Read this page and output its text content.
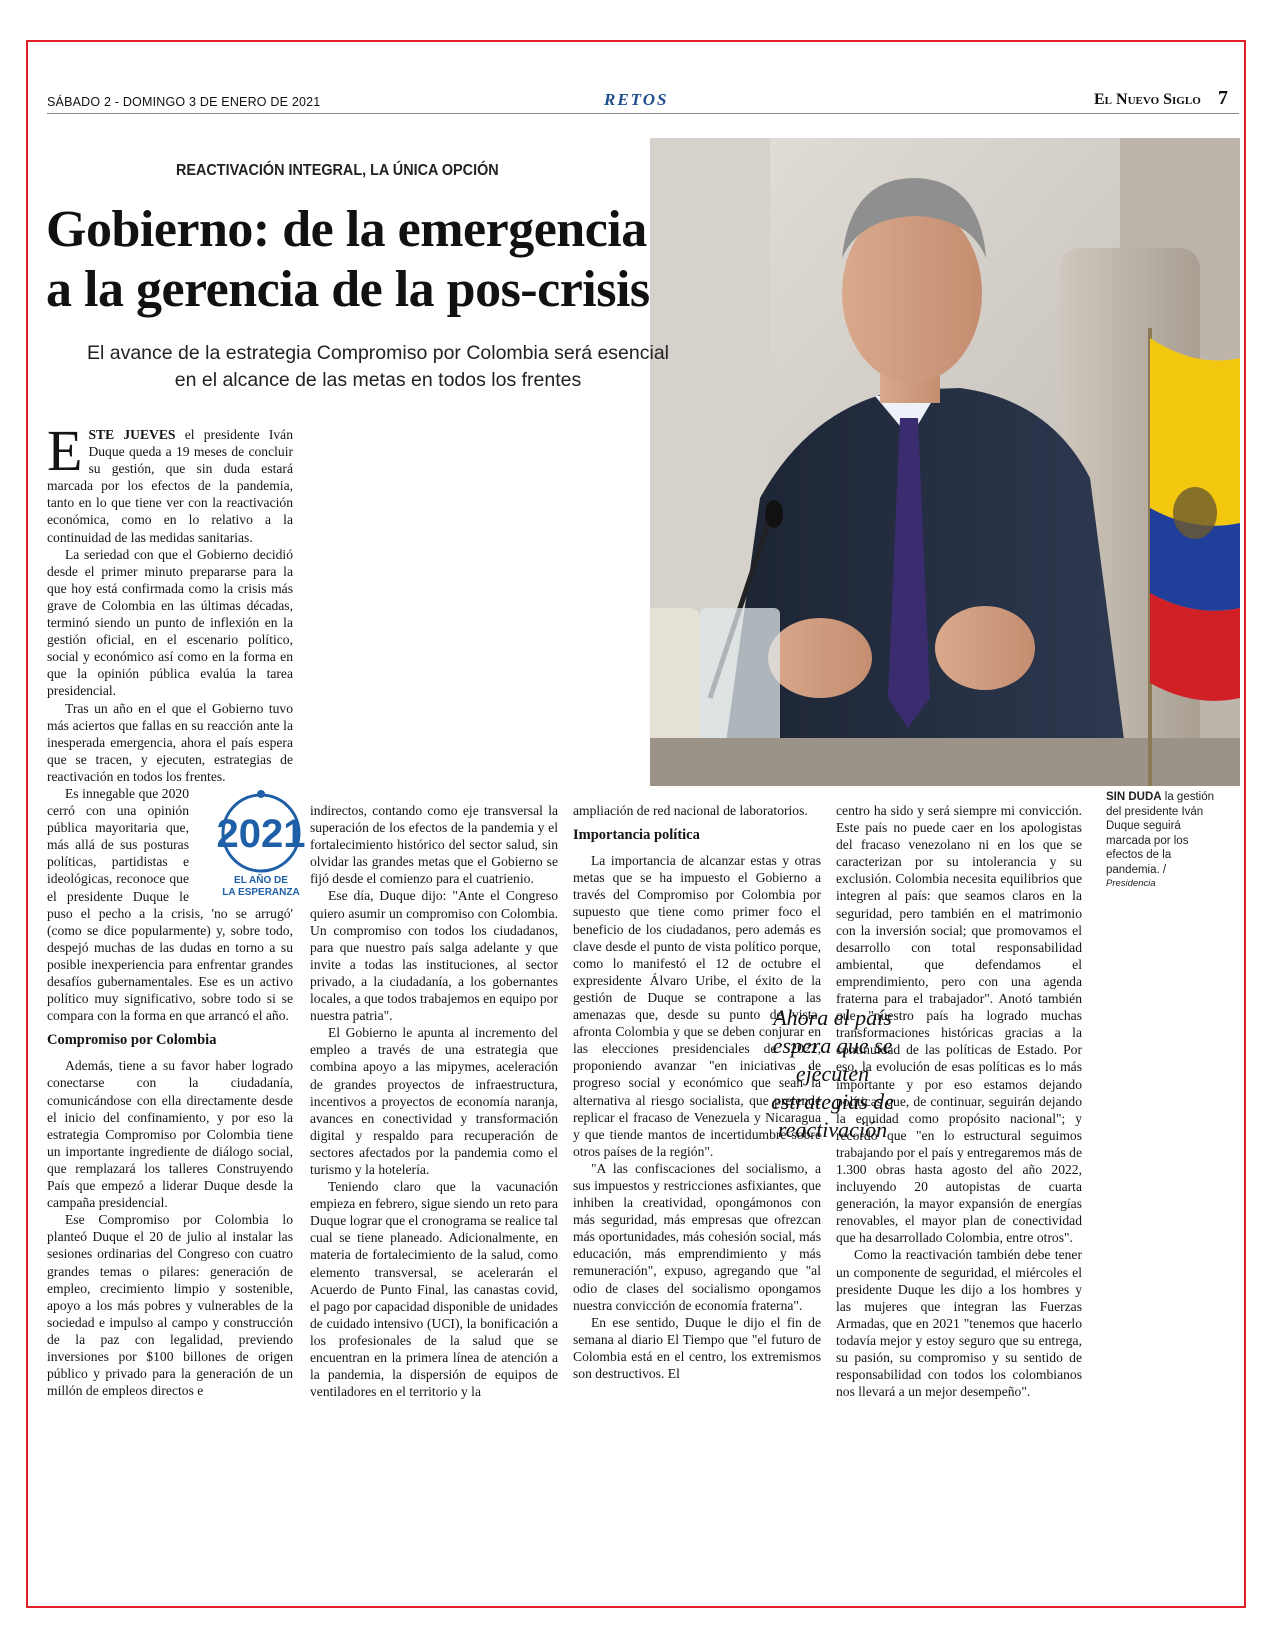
SÁBADO 2 - DOMINGO 3 DE ENERO DE 2021	RETOS	El Nuevo Siglo 7
REACTIVACIÓN INTEGRAL, LA ÚNICA OPCIÓN
Gobierno: de la emergencia
a la gerencia de la pos-crisis
El avance de la estrategia Compromiso por Colombia será esencial
en el alcance de las metas en todos los frentes

ESTE JUEVES el presidente Iván Duque queda a 19 meses de concluir su gestión, que sin duda estará marcada por los efectos de la pandemia, tanto en lo que tiene ver con la reactivación económica, como en lo relativo a la continuidad de las medidas sanitarias.

La seriedad con que el Gobierno decidió desde el primer minuto prepararse para la que hoy está confirmada como la crisis más grave de Colombia en las últimas décadas, terminó siendo un punto de inflexión en la gestión oficial, en el escenario político, social y económico así como en la forma en que la opinión pública evalúa la tarea presidencial.

Tras un año en el que el Gobierno tuvo más aciertos que fallas en su reacción ante la inesperada emergencia, ahora el país espera que se tracen, y ejecuten, estrategias de reactivación en todos los frentes.

2021
EL AÑO DE
LA ESPERANZA
Es innegable que 2020 cerró con una opinión pública mayoritaria que, más allá de sus posturas políticas, partidistas e ideológicas, reconoce que el presidente Duque le puso el pecho a la crisis, 'no se arrugó' (como se dice popularmente) y, sobre todo, despejó muchas de las dudas en torno a su posible inexperiencia para enfrentar grandes desafíos gubernamentales. Ese es un activo político muy significativo, sobre todo si se compara con la forma en que arrancó el año.

Compromiso por Colombia

Además, tiene a su favor haber logrado conectarse con la ciudadanía, comunicándose con ella directamente desde el inicio del confinamiento, y por eso la estrategia Compromiso por Colombia tiene un importante ingrediente de diálogo social, que remplazará los talleres Construyendo País que empezó a liderar Duque desde la campaña presidencial.

Ese Compromiso por Colombia lo planteó Duque el 20 de julio al instalar las sesiones ordinarias del Congreso con cuatro grandes temas o pilares: generación de empleo, crecimiento limpio y sostenible, apoyo a los más pobres y vulnerables de la sociedad e impulso al campo y construcción de la paz con legalidad, previendo inversiones por $100 billones de origen público y privado para la generación de un millón de empleos directos e

indirectos, contando como eje transversal la superación de los efectos de la pandemia y el fortalecimiento histórico del sector salud, sin olvidar las grandes metas que el Gobierno se fijó desde el comienzo para el cuatrienio.

Ese día, Duque dijo: "Ante el Congreso quiero asumir un compromiso con Colombia. Un compromiso con todos los ciudadanos, para que nuestro país salga adelante y que invite a todas las instituciones, al sector privado, a la ciudadanía, a los gobernantes locales, a que todos trabajemos en equipo por nuestra patria".

El Gobierno le apunta al incremento del empleo a través de una estrategia que combina apoyo a las mipymes, aceleración de grandes proyectos de infraestructura, incentivos a proyectos de economía naranja, avances en conectividad y transformación digital y respaldo para recuperación de sectores afectados por la pandemia como el turismo y la hotelería.

Teniendo claro que la vacunación empieza en febrero, sigue siendo un reto para Duque lograr que el cronograma se realice tal cual se tiene planeado. Adicionalmente, en materia de fortalecimiento de la salud, como elemento transversal, se acelerarán el Acuerdo de Punto Final, las canastas covid, el pago por capacidad disponible de unidades de cuidado intensivo (UCI), la bonificación a los profesionales de la salud que se encuentran en la primera línea de atención a la pandemia, la dispersión de equipos de ventiladores en el territorio y la

ampliación de red nacional de laboratorios.

Importancia política

La importancia de alcanzar estas y otras metas que se ha impuesto el Gobierno a través del Compromiso por Colombia por supuesto que tiene como primer foco el beneficio de los ciudadanos, pero además es clave desde el punto de vista político porque, como lo manifestó el 12 de octubre el expresidente Álvaro Uribe, el éxito de la gestión de Duque se contrapone a las amenazas que, desde su punto de vista, afronta Colombia y que se deben conjurar en las elecciones presidenciales de 2022, proponiendo avanzar "en iniciativas de progreso social y económico que sean la alternativa al riesgo socialista, que pretende replicar el fracaso de Venezuela y Nicaragua y que tiende mantos de incertidumbre sobre otros países de la región".

"A las confiscaciones del socialismo, a sus impuestos y restricciones asfixiantes, que inhiben la creatividad, opongámonos con más seguridad, más empresas que ofrezcan más oportunidades, más cohesión social, más educación, más emprendimiento y más remuneración", expuso, agregando que "al odio de clases del socialismo opongamos nuestra convicción de economía fraterna".

En ese sentido, Duque le dijo el fin de semana al diario El Tiempo que "el futuro de Colombia está en el centro, los extremismos son destructivos. El

centro ha sido y será siempre mi convicción. Este país no puede caer en los apologistas del fracaso venezolano ni en los que se caracterizan por su intolerancia y su exclusión. Colombia necesita equilibrios que integren al país: que seamos claros en la seguridad, pero también en el matrimonio con la inversión social; que promovamos el desarrollo con total responsabilidad ambiental, que defendamos el emprendimiento, pero con una agenda fraterna para el trabajador". Anotó también que "nuestro país ha logrado muchas transformaciones históricas gracias a la continuidad de las políticas de Estado. Por eso, la evolución de esas políticas es lo más importante y por eso estamos dejando políticas que, de continuar, seguirán dejando la equidad como propósito nacional"; y recordó que "en lo estructural seguimos trabajando por el país y entregaremos más de 1.300 obras hasta agosto del año 2022, incluyendo 20 autopistas de cuarta generación, la mayor expansión de energías renovables, el mayor plan de conectividad que ha desarrollado Colombia, entre otros".

Como la reactivación también debe tener un componente de seguridad, el miércoles el presidente Duque les dijo a los hombres y las mujeres que integran las Fuerzas Armadas, que en 2021 "tenemos que hacerlo todavía mejor y estoy seguro que su entrega, su pasión, su compromiso y su sentido de responsabilidad con todos los colombianos nos llevará a un mejor desempeño".

Ahora el país espera que se ejecuten estrategias de reactivación
SIN DUDA la gestión del presidente Iván Duque seguirá marcada por los efectos de la pandemia. /
Presidencia
